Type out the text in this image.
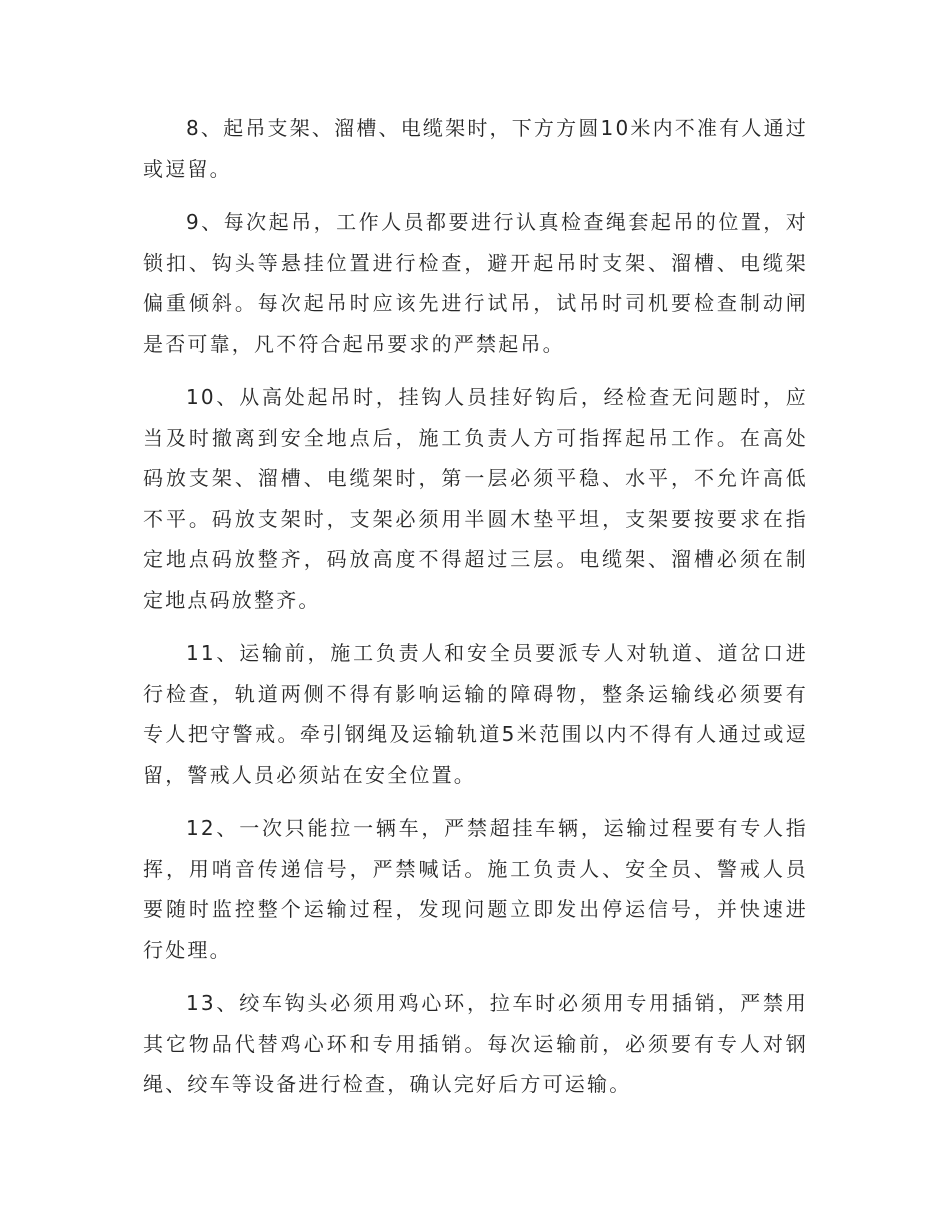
8、起吊支架、溜槽、电缆架时，下方方圆10米内不准有人通过或逗留。

9、每次起吊，工作人员都要进行认真检查绳套起吊的位置，对锁扣、钩头等悬挂位置进行检查，避开起吊时支架、溜槽、电缆架偏重倾斜。每次起吊时应该先进行试吊，试吊时司机要检查制动闸是否可靠，凡不符合起吊要求的严禁起吊。

10、从高处起吊时，挂钩人员挂好钩后，经检查无问题时，应当及时撤离到安全地点后，施工负责人方可指挥起吊工作。在高处码放支架、溜槽、电缆架时，第一层必须平稳、水平，不允许高低不平。码放支架时，支架必须用半圆木垫平坦，支架要按要求在指定地点码放整齐，码放高度不得超过三层。电缆架、溜槽必须在制定地点码放整齐。

11、运输前，施工负责人和安全员要派专人对轨道、道岔口进行检查，轨道两侧不得有影响运输的障碍物，整条运输线必须要有专人把守警戒。牵引钢绳及运输轨道5米范围以内不得有人通过或逗留，警戒人员必须站在安全位置。

12、一次只能拉一辆车，严禁超挂车辆，运输过程要有专人指挥，用哨音传递信号，严禁喊话。施工负责人、安全员、警戒人员要随时监控整个运输过程，发现问题立即发出停运信号，并快速进行处理。

13、绞车钩头必须用鸡心环，拉车时必须用专用插销，严禁用其它物品代替鸡心环和专用插销。每次运输前，必须要有专人对钢绳、绞车等设备进行检查，确认完好后方可运输。
